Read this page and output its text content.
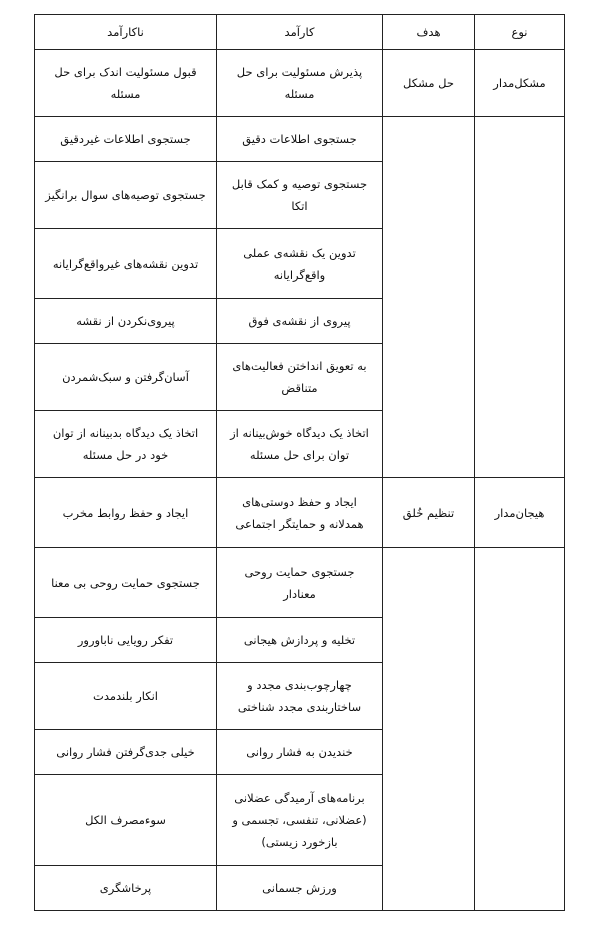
نوع	هدف	کارآمد	ناکارآمد
مشکل‌مدار	حل مشکل	پذیرش مسئولیت برای حل مسئله	قبول مسئولیت اندک برای حل مسئله
		جستجوی اطلاعات دقیق	جستجوی اطلاعات غیردقیق
		جستجوی توصیه و کمک قابل اتکا	جستجوی توصیه‌های سوال برانگیز
		تدوین یک نقشه‌ی عملی واقع‌گرایانه	تدوین نقشه‌های غیرواقع‌گرایانه
		پیروی از نقشه‌ی فوق	پیروی‌نکردن از نقشه
		به تعویق انداختن فعالیت‌های متناقض	آسان‌گرفتن و سبک‌شمردن
		اتخاذ یک دیدگاه خوش‌بینانه از توان برای حل مسئله	اتخاذ یک دیدگاه بدبینانه از توان خود در حل مسئله
هیجان‌مدار	تنظیم خُلق	ایجاد و حفظ دوستی‌های همدلانه و حمایتگر اجتماعی	ایجاد و حفظ روابط مخرب
		جستجوی حمایت روحی معنادار	جستجوی حمایت روحی بی معنا
		تخلیه و پردازش هیجانی	تفکر رویایی ناباورور
		چهارچوب‌بندی مجدد و ساختاربندی مجدد شناختی	انکار بلندمدت
		خندیدن به فشار روانی	خیلی جدی‌گرفتن فشار روانی
		برنامه‌های آرمیدگی عضلانی (عضلانی، تنفسی، تجسمی و بازخورد زیستی)	سوءمصرف الکل
		ورزش جسمانی	پرخاشگری
